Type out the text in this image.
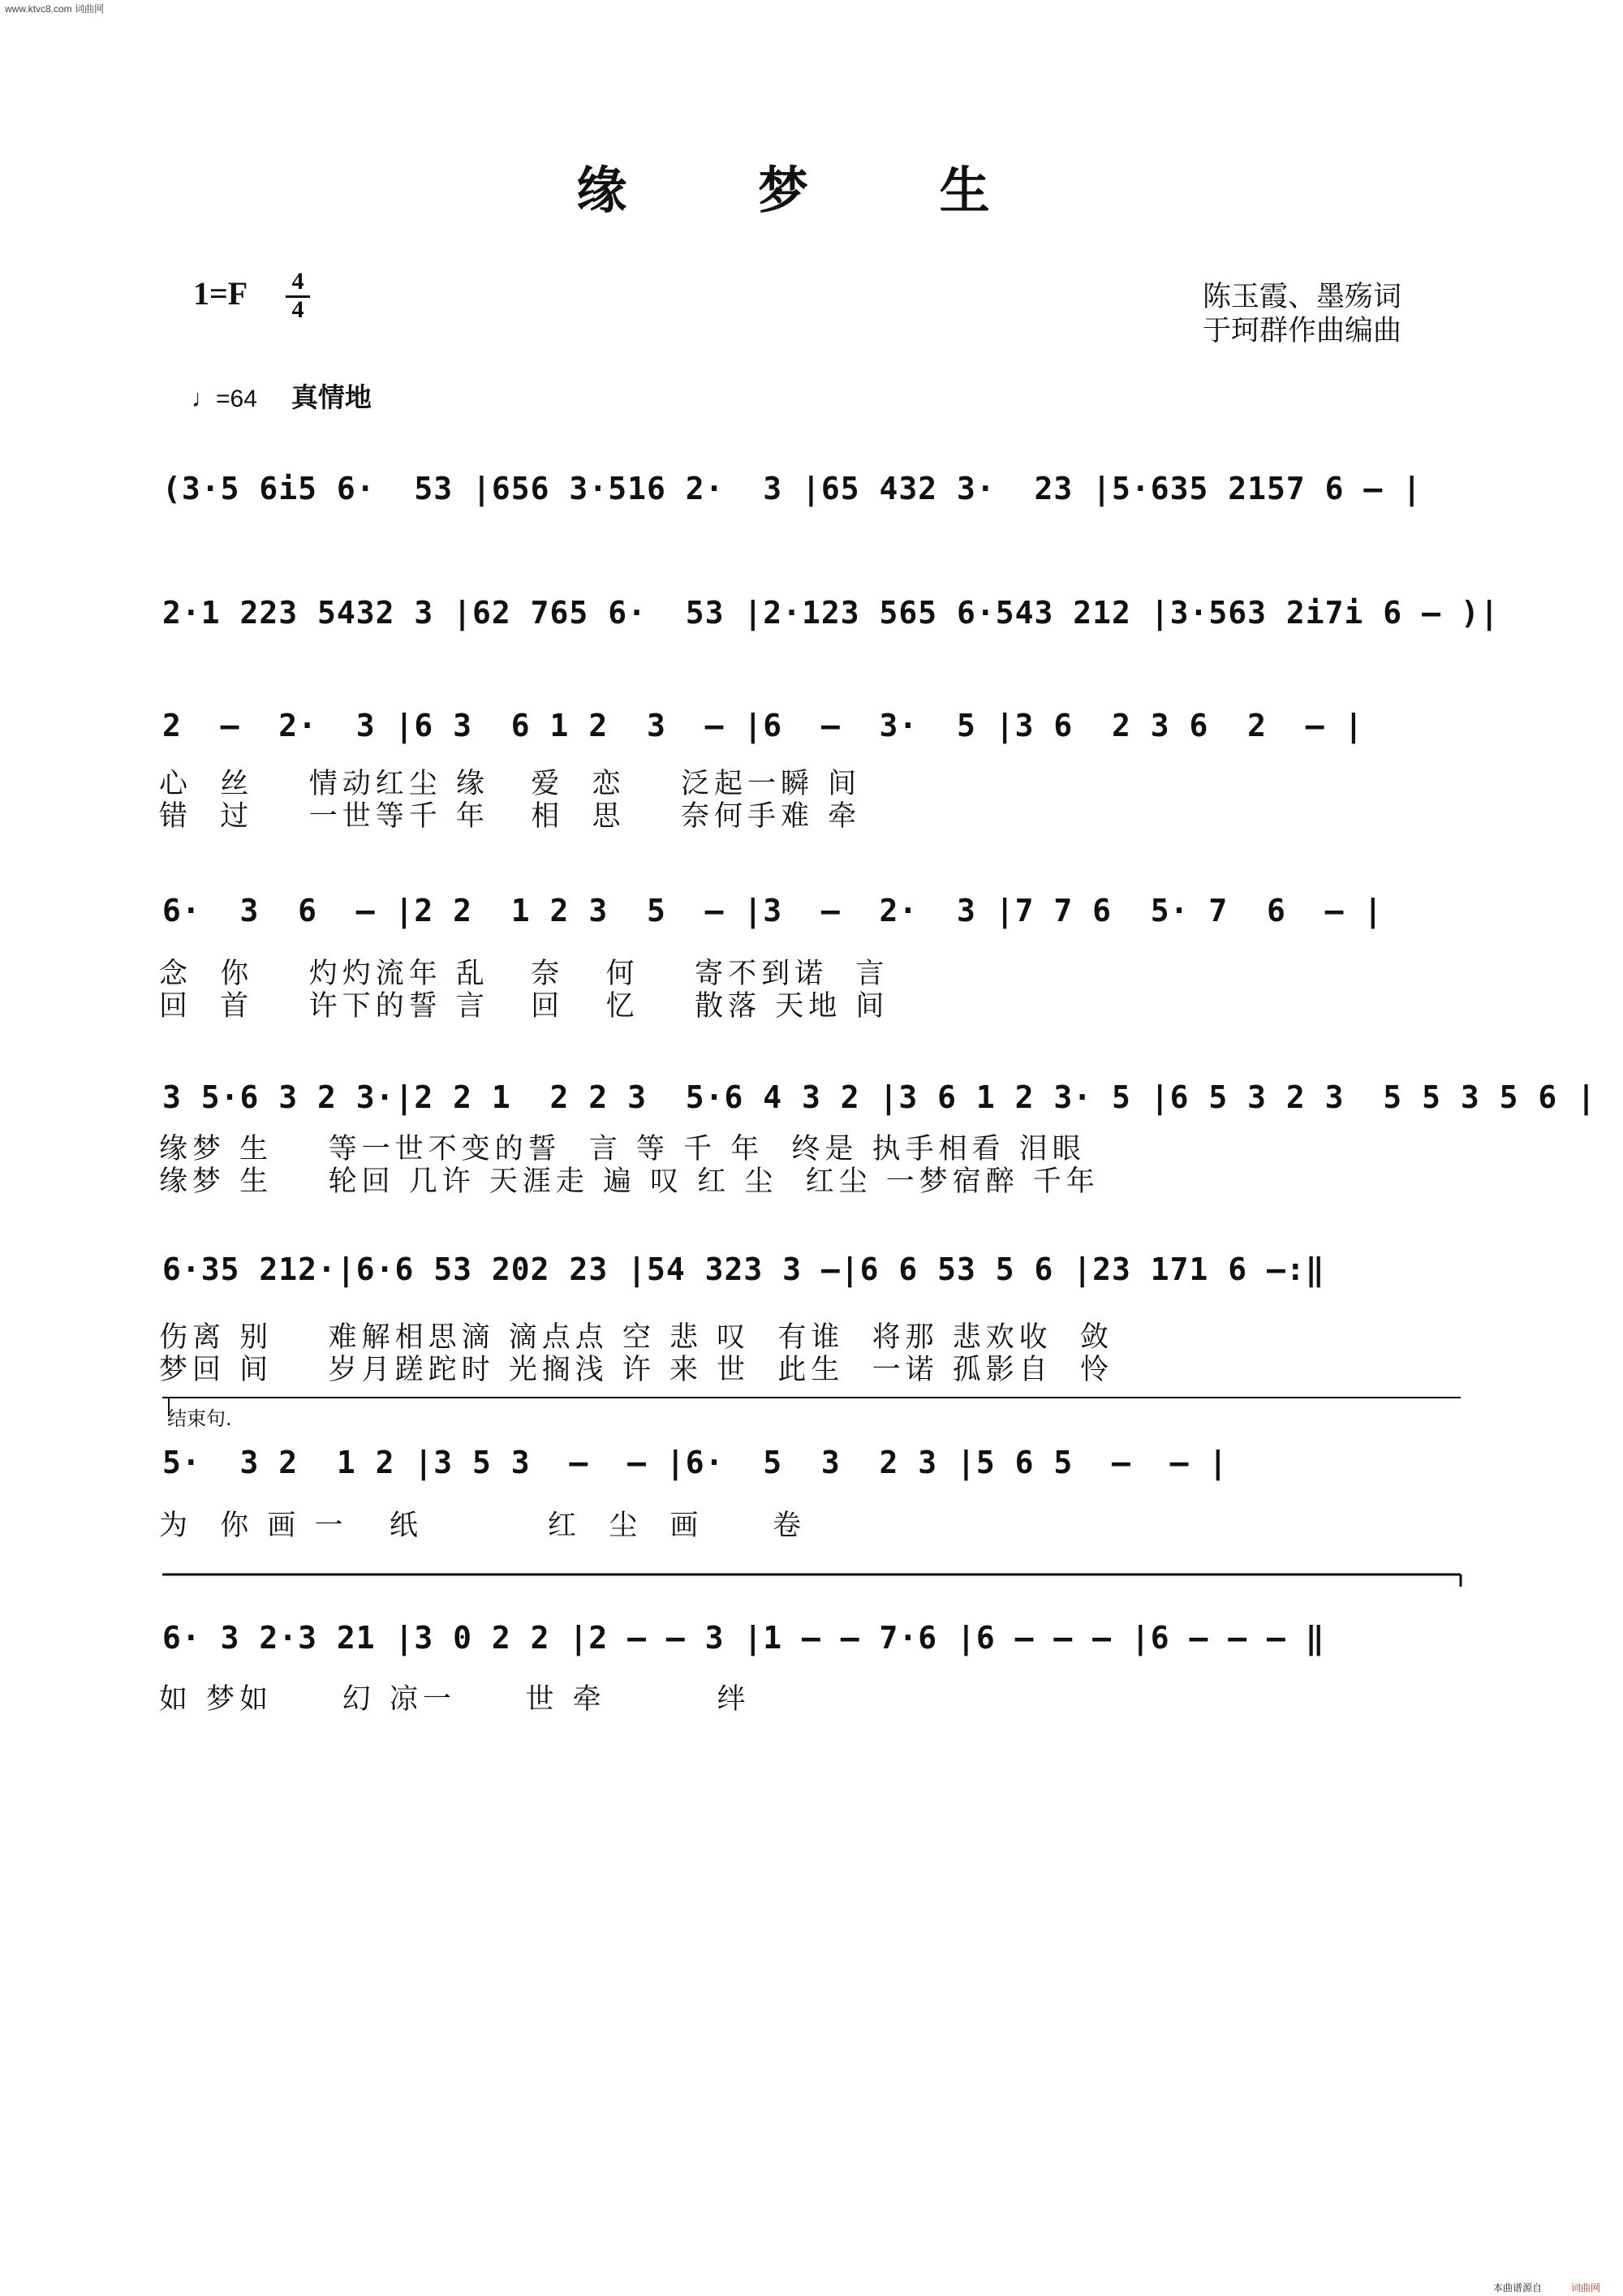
www.ktvc8.com 词曲网
缘 梦 生
1=F 4
4	陈玉霞、墨殇词
于珂群作曲编曲
♩=64 真情地
(3·5 6i5 6·  53 |656 3·516 2·  3 |65 432 3·  23 |5·635 2157 6 – |
2·1 223 5432 3 |62 765 6·  53 |2·123 565 6·543 212 |3·563 2i7i 6 – )|
2  –  2·  3 |6 3  6 1 2  3  – |6  –  3·  5 |3 6  2 3 6  2  – |
心  丝    情动红尘 缘   爱  恋    泛起一瞬 间
错  过    一世等千 年   相  思    奈何手难 牵
6·  3  6  – |2 2  1 2 3  5  – |3  –  2·  3 |7 7 6  5· 7  6  – |
念  你    灼灼流年 乱   奈   何    寄不到诺  言
回  首    许下的誓 言   回   忆    散落 天地 间
3 5·6 3 2 3·|2 2 1  2 2 3  5·6 4 3 2 |3 6 1 2 3· 5 |6 5 3 2 3  5 5 3 5 6 |
缘梦 生    等一世不变的誓  言 等 千 年  终是 执手相看 泪眼
缘梦 生    轮回 几许 天涯走 遍 叹 红 尘  红尘 一梦宿醉 千年
6·35 212·|6·6 53 202 23 |54 323 3 –|6 6 53 5 6 |23 171 6 –:‖
伤离 别    难解相思滴 滴点点 空 悲 叹  有谁  将那 悲欢收  敛
梦回 间    岁月蹉跎时 光搁浅 许 来 世  此生  一诺 孤影自  怜
结束句.
5·  3 2  1 2 |3 5 3  –  – |6·  5  3  2 3 |5 6 5  –  – |
为  你 画 一   纸         红  尘  画     卷
6· 3 2·3 21 |3 0 2 2 |2 – – 3 |1 – – 7·6 |6 – – – |6 – – – ‖
如 梦如     幻 凉一     世 牵        绊
本曲谱源自	词曲网
